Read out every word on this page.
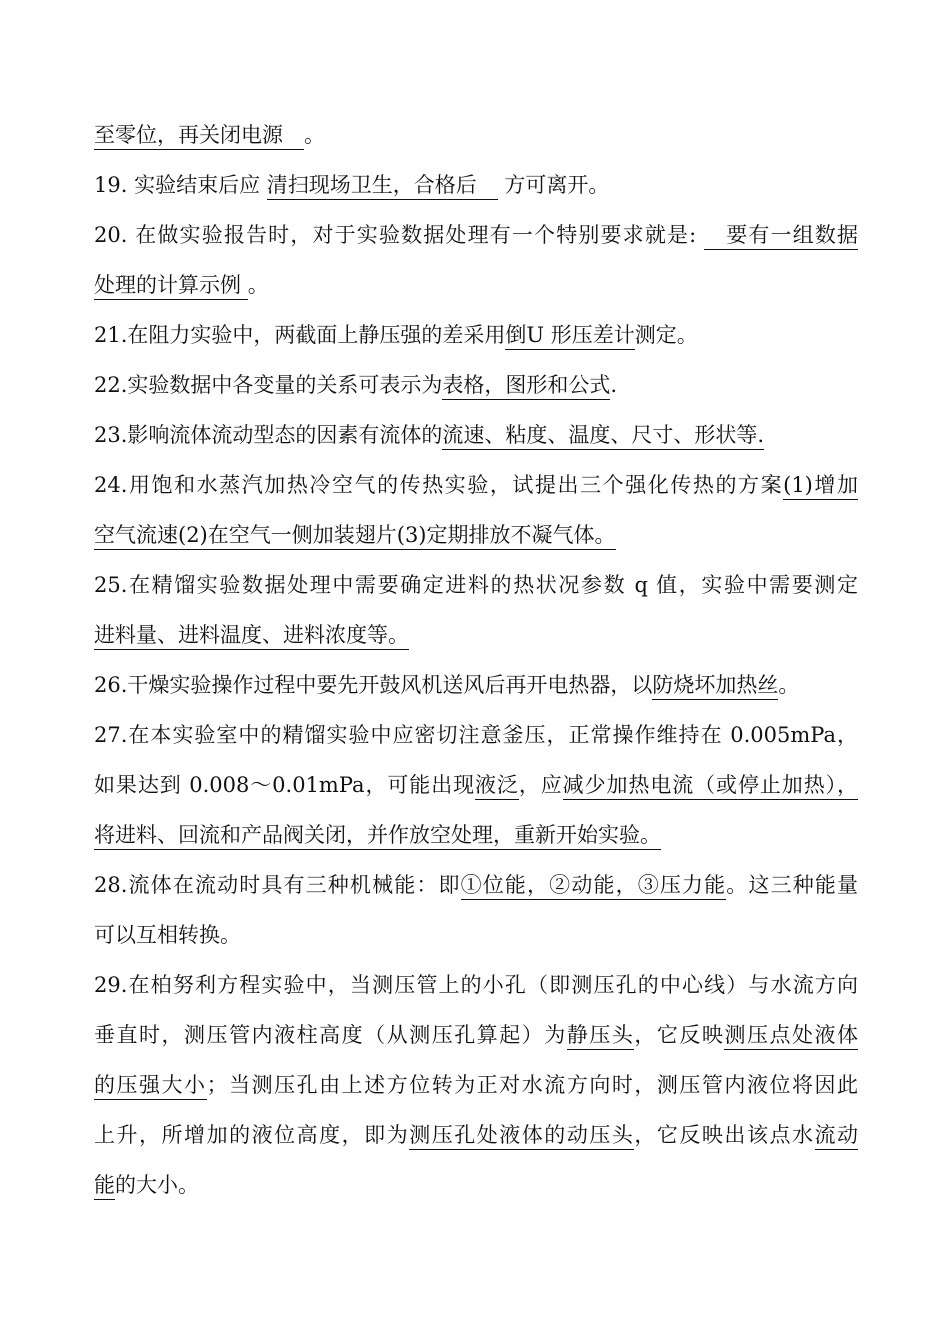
至零位，再关闭电源　。
19. 实验结束后应 清扫现场卫生，合格后　 方可离开。
20. 在做实验报告时，对于实验数据处理有一个特别要求就是: 　要有一组数据
处理的计算示例 。
21.在阻力实验中，两截面上静压强的差采用倒U 形压差计测定。
22.实验数据中各变量的关系可表示为表格，图形和公式.
23.影响流体流动型态的因素有流体的流速、粘度、温度、尺寸、形状等.
24.用饱和水蒸汽加热冷空气的传热实验，试提出三个强化传热的方案(1)增加
空气流速(2)在空气一侧加装翅片(3)定期排放不凝气体。
25.在精馏实验数据处理中需要确定进料的热状况参数 q 值，实验中需要测定
进料量、进料温度、进料浓度等。
26.干燥实验操作过程中要先开鼓风机送风后再开电热器，以防烧坏加热丝。
27.在本实验室中的精馏实验中应密切注意釜压，正常操作维持在 0.005mPa，
如果达到 0.008～0.01mPa，可能出现液泛，应减少加热电流（或停止加热），
将进料、回流和产品阀关闭，并作放空处理，重新开始实验。
28.流体在流动时具有三种机械能：即①位能，②动能，③压力能。这三种能量
可以互相转换。
29.在柏努利方程实验中，当测压管上的小孔（即测压孔的中心线）与水流方向
垂直时，测压管内液柱高度（从测压孔算起）为静压头，它反映测压点处液体
的压强大小；当测压孔由上述方位转为正对水流方向时，测压管内液位将因此
上升，所增加的液位高度，即为测压孔处液体的动压头，它反映出该点水流动
能的大小。
